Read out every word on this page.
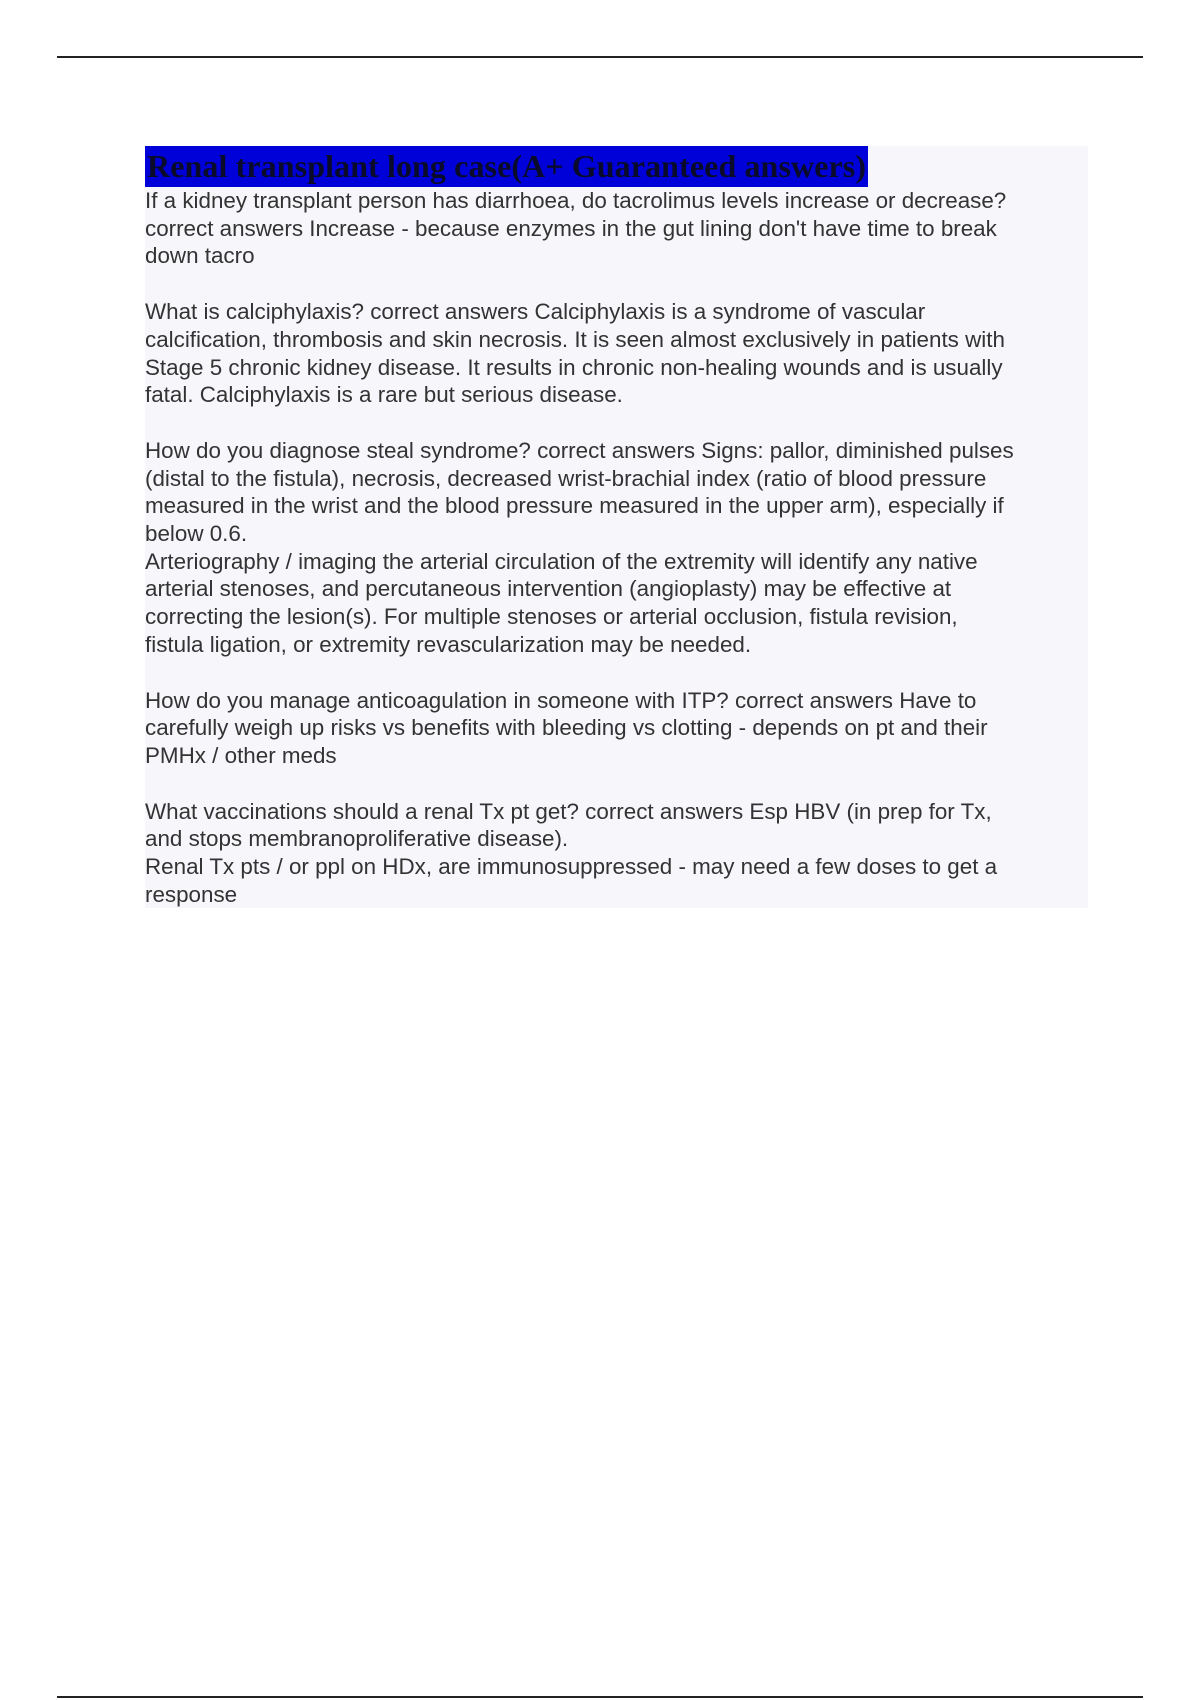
Renal transplant long case(A+ Guaranteed answers)
If a kidney transplant person has diarrhoea, do tacrolimus levels increase or decrease?
correct answers Increase - because enzymes in the gut lining don't have time to break
down tacro
What is calciphylaxis? correct answers Calciphylaxis is a syndrome of vascular
calcification, thrombosis and skin necrosis. It is seen almost exclusively in patients with
Stage 5 chronic kidney disease. It results in chronic non-healing wounds and is usually
fatal. Calciphylaxis is a rare but serious disease.
How do you diagnose steal syndrome? correct answers Signs: pallor, diminished pulses
(distal to the fistula), necrosis, decreased wrist-brachial index (ratio of blood pressure
measured in the wrist and the blood pressure measured in the upper arm), especially if
below 0.6.
Arteriography / imaging the arterial circulation of the extremity will identify any native
arterial stenoses, and percutaneous intervention (angioplasty) may be effective at
correcting the lesion(s). For multiple stenoses or arterial occlusion, fistula revision,
fistula ligation, or extremity revascularization may be needed.
How do you manage anticoagulation in someone with ITP? correct answers Have to
carefully weigh up risks vs benefits with bleeding vs clotting - depends on pt and their
PMHx / other meds
What vaccinations should a renal Tx pt get? correct answers Esp HBV (in prep for Tx,
and stops membranoproliferative disease).
Renal Tx pts / or ppl on HDx, are immunosuppressed - may need a few doses to get a
response
